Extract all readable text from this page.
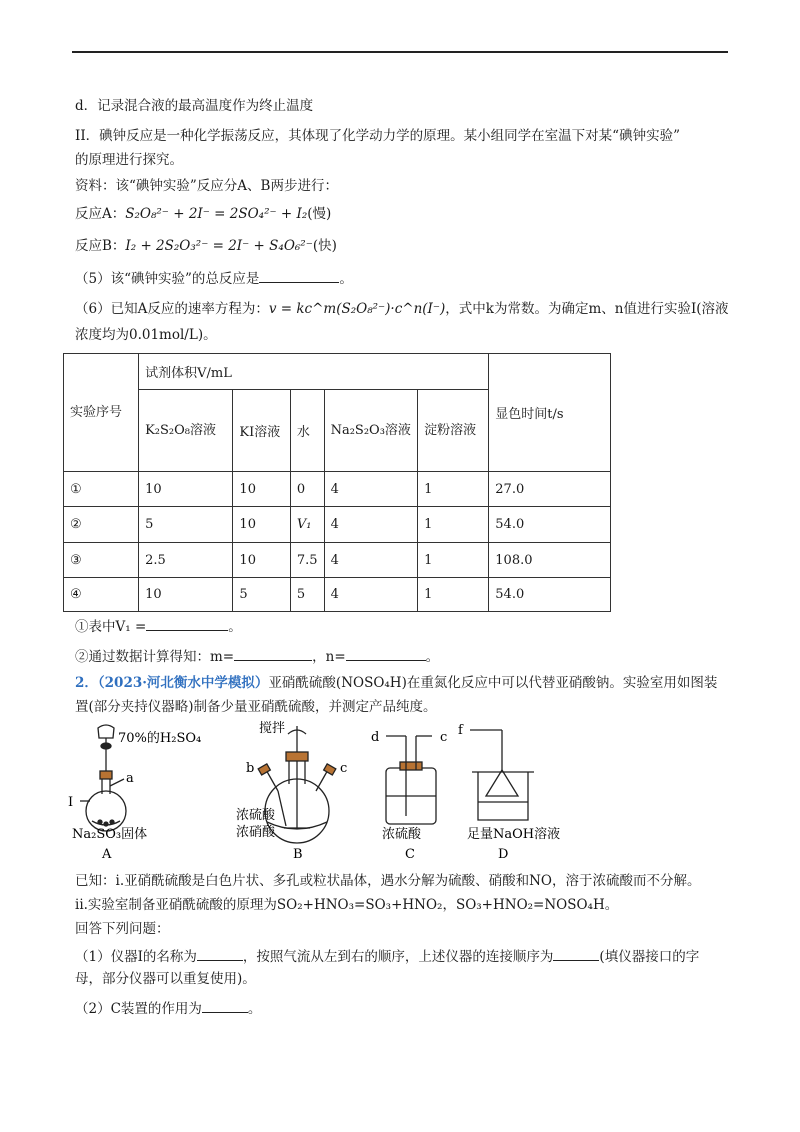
d．记录混合液的最高温度作为终止温度
II．碘钟反应是一种化学振荡反应，其体现了化学动力学的原理。某小组同学在室温下对某“碘钟实验”
的原理进行探究。
资料：该“碘钟实验”反应分A、B两步进行：
反应A：S₂O₈²⁻ + 2I⁻ = 2SO₄²⁻ + I₂(慢)
反应B：I₂ + 2S₂O₃²⁻ = 2I⁻ + S₄O₆²⁻(快)
（5）该“碘钟实验”的总反应是	。
（6）已知A反应的速率方程为：v = kc^m(S₂O₈²⁻)·c^n(I⁻)，式中k为常数。为确定m、n值进行实验I(溶液
浓度均为0.01mol/L)。
实验序号	试剂体积V/mL					显色时间t/s
	K₂S₂O₈溶液	KI溶液	水	Na₂S₂O₃溶液	淀粉溶液	
①	10	10	0	4	1	27.0
②	5	10	V₁	4	1	54.0
③	2.5	10	7.5	4	1	108.0
④	10	5	5	4	1	54.0
①表中V₁ =	。
②通过数据计算得知：m=	，n=	。
2．（2023·河北衡水中学模拟）亚硝酰硫酸(NOSO₄H)在重氮化反应中可以代替亚硝酸钠。实验室用如图装
置(部分夹持仪器略)制备少量亚硝酰硫酸，并测定产品纯度。
70%的H₂SO₄
a
I
Na₂SO₃固体
A
搅拌
b	c
浓硫酸
浓硝酸
B
d	c
浓硫酸
C
f
足量NaOH溶液
D
已知：i.亚硝酰硫酸是白色片状、多孔或粒状晶体，遇水分解为硫酸、硝酸和NO，溶于浓硫酸而不分解。
ii.实验室制备亚硝酰硫酸的原理为SO₂+HNO₃=SO₃+HNO₂，SO₃+HNO₂=NOSO₄H。
回答下列问题：
（1）仪器I的名称为	，按照气流从左到右的顺序，上述仪器的连接顺序为	(填仪器接口的字
母，部分仪器可以重复使用)。
（2）C装置的作用为	。
